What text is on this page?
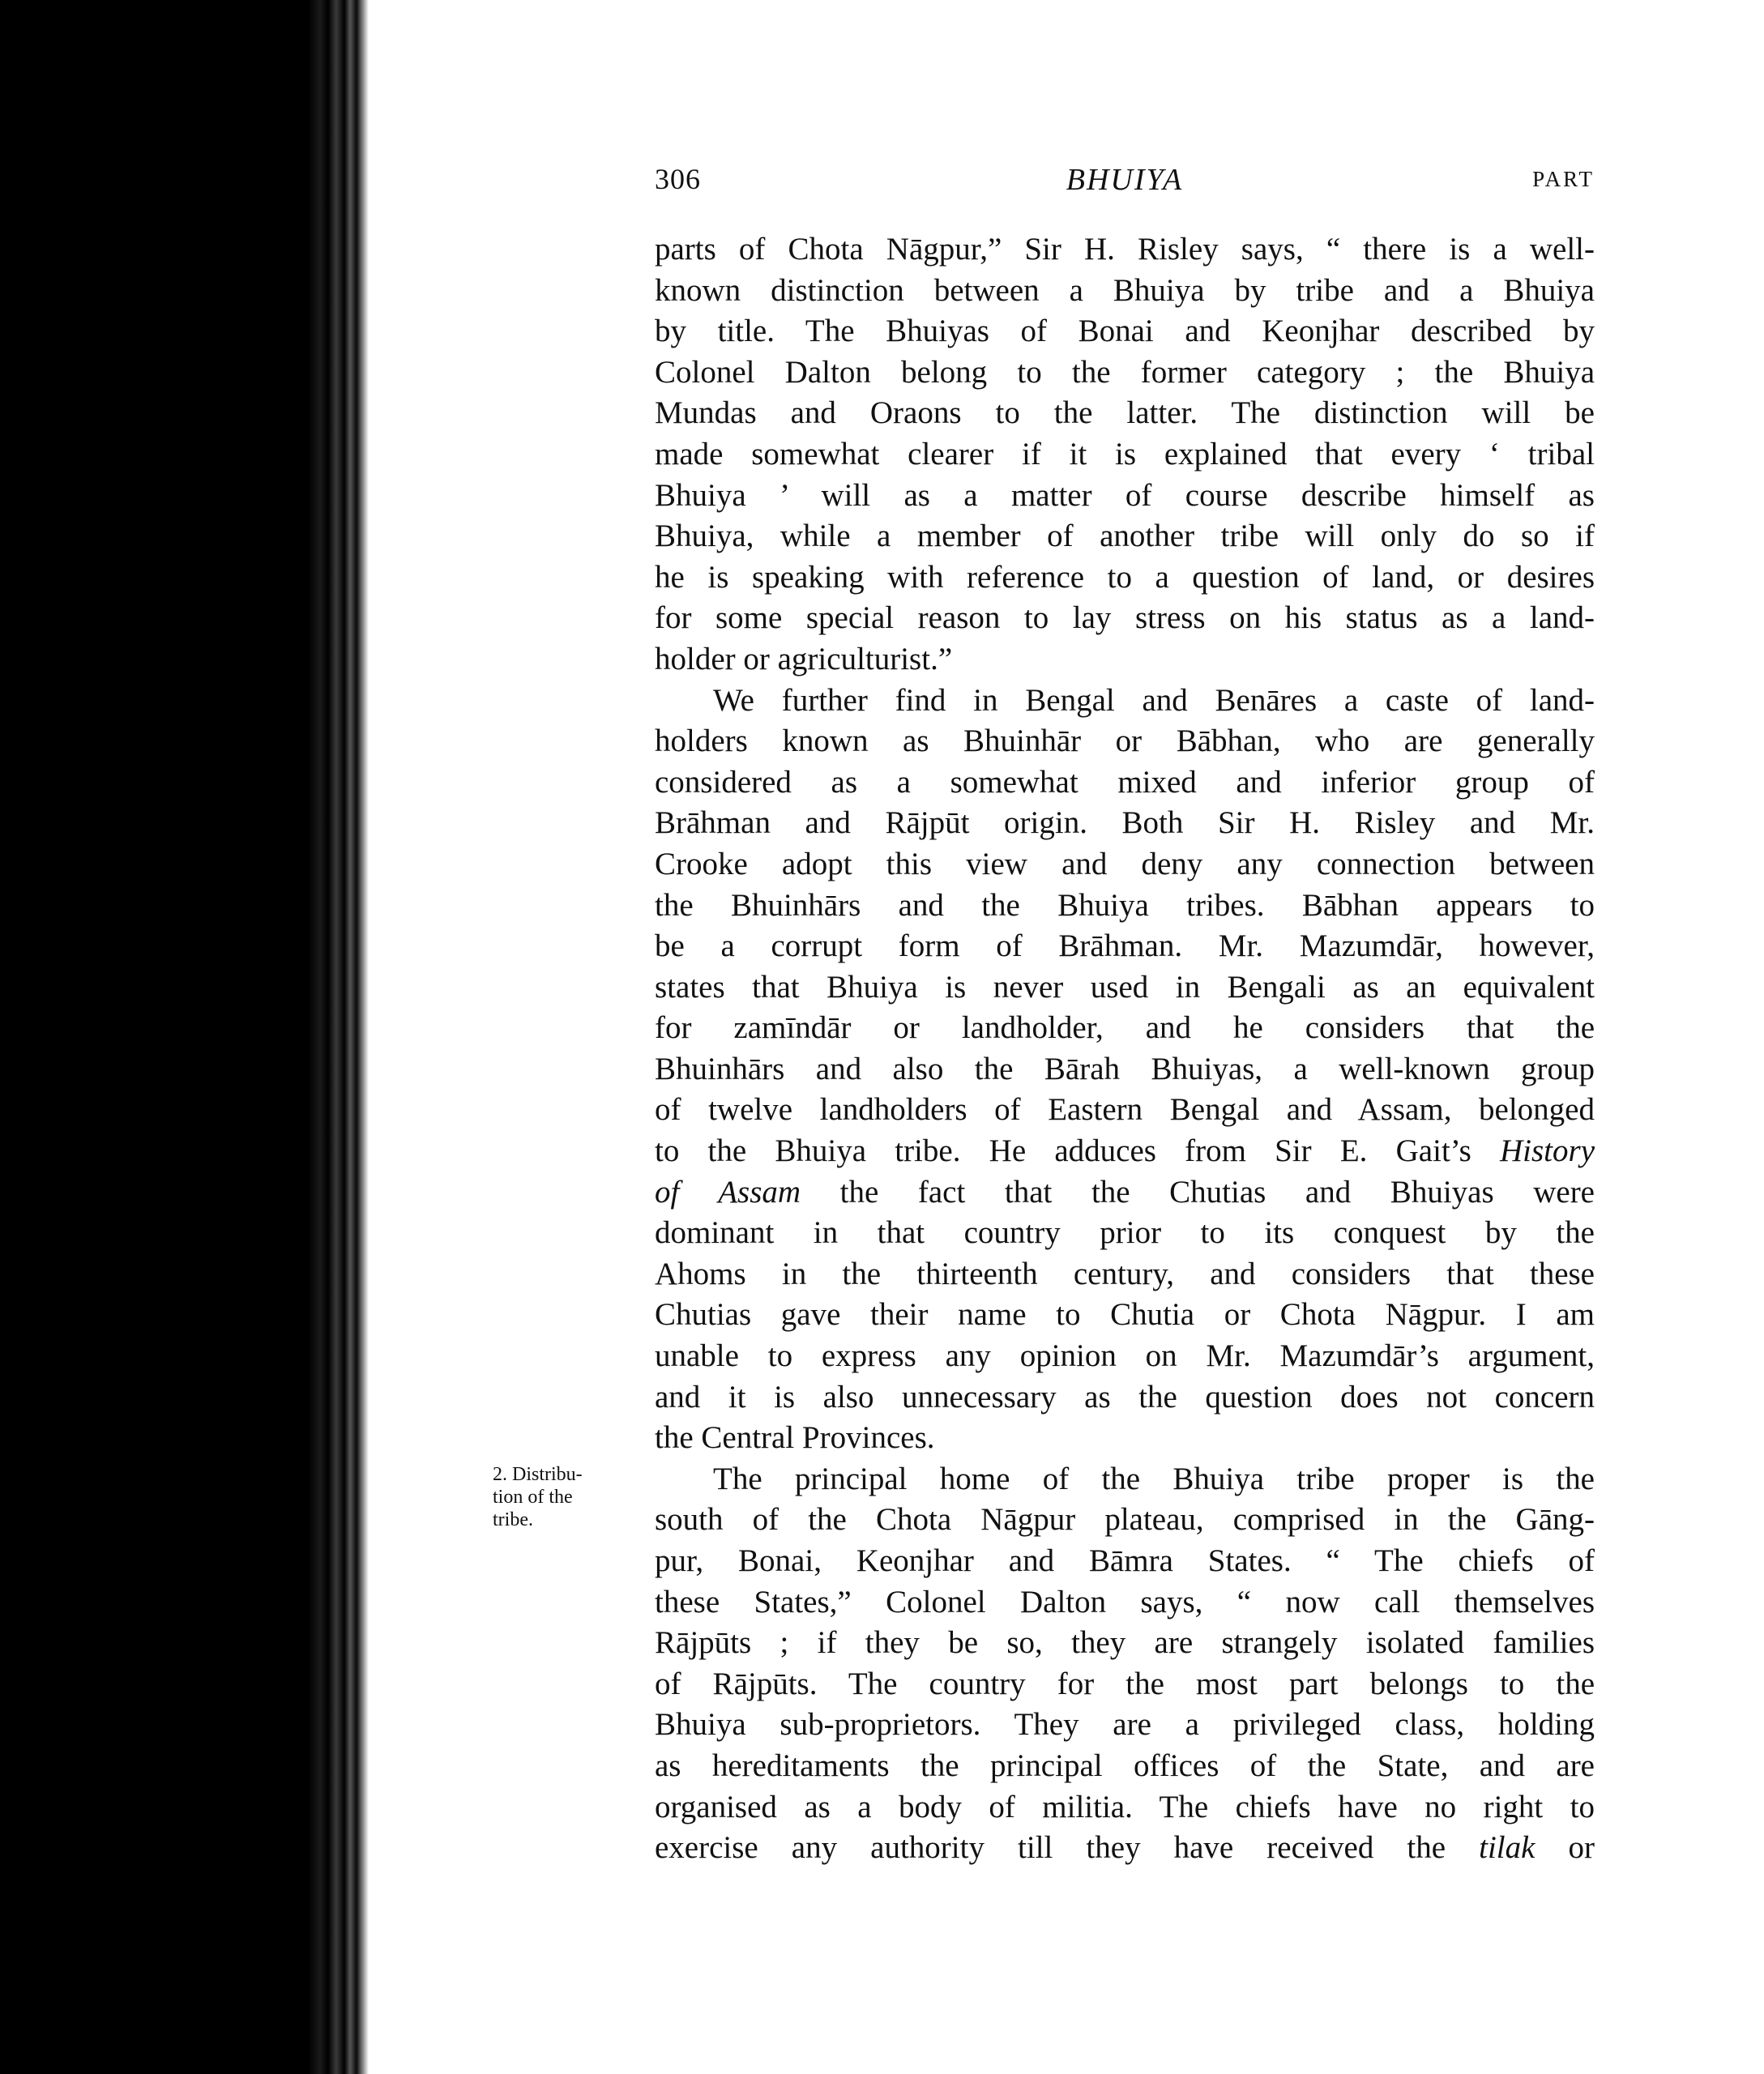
306	BHUIYA	PART
2. Distribu-
tion of the
tribe.
parts of Chota Nāgpur,” Sir H. Risley says, “ there is a well-
known distinction between a Bhuiya by tribe and a Bhuiya
by title. The Bhuiyas of Bonai and Keonjhar described by
Colonel Dalton belong to the former category ; the Bhuiya
Mundas and Oraons to the latter. The distinction will be
made somewhat clearer if it is explained that every ‘ tribal
Bhuiya ’ will as a matter of course describe himself as
Bhuiya, while a member of another tribe will only do so if
he is speaking with reference to a question of land, or desires
for some special reason to lay stress on his status as a land-
holder or agriculturist.”
We further find in Bengal and Benāres a caste of land-
holders known as Bhuinhār or Bābhan, who are generally
considered as a somewhat mixed and inferior group of
Brāhman and Rājpūt origin. Both Sir H. Risley and Mr.
Crooke adopt this view and deny any connection between
the Bhuinhārs and the Bhuiya tribes. Bābhan appears to
be a corrupt form of Brāhman. Mr. Mazumdār, however,
states that Bhuiya is never used in Bengali as an equivalent
for zamīndār or landholder, and he considers that the
Bhuinhārs and also the Bārah Bhuiyas, a well-known group
of twelve landholders of Eastern Bengal and Assam, belonged
to the Bhuiya tribe. He adduces from Sir E. Gait’s History
of Assam the fact that the Chutias and Bhuiyas were
dominant in that country prior to its conquest by the
Ahoms in the thirteenth century, and considers that these
Chutias gave their name to Chutia or Chota Nāgpur. I am
unable to express any opinion on Mr. Mazumdār’s argument,
and it is also unnecessary as the question does not concern
the Central Provinces.
The principal home of the Bhuiya tribe proper is the
south of the Chota Nāgpur plateau, comprised in the Gāng-
pur, Bonai, Keonjhar and Bāmra States. “ The chiefs of
these States,” Colonel Dalton says, “ now call themselves
Rājpūts ; if they be so, they are strangely isolated families
of Rājpūts. The country for the most part belongs to the
Bhuiya sub-proprietors. They are a privileged class, holding
as hereditaments the principal offices of the State, and are
organised as a body of militia. The chiefs have no right to
exercise any authority till they have received the tilak or
